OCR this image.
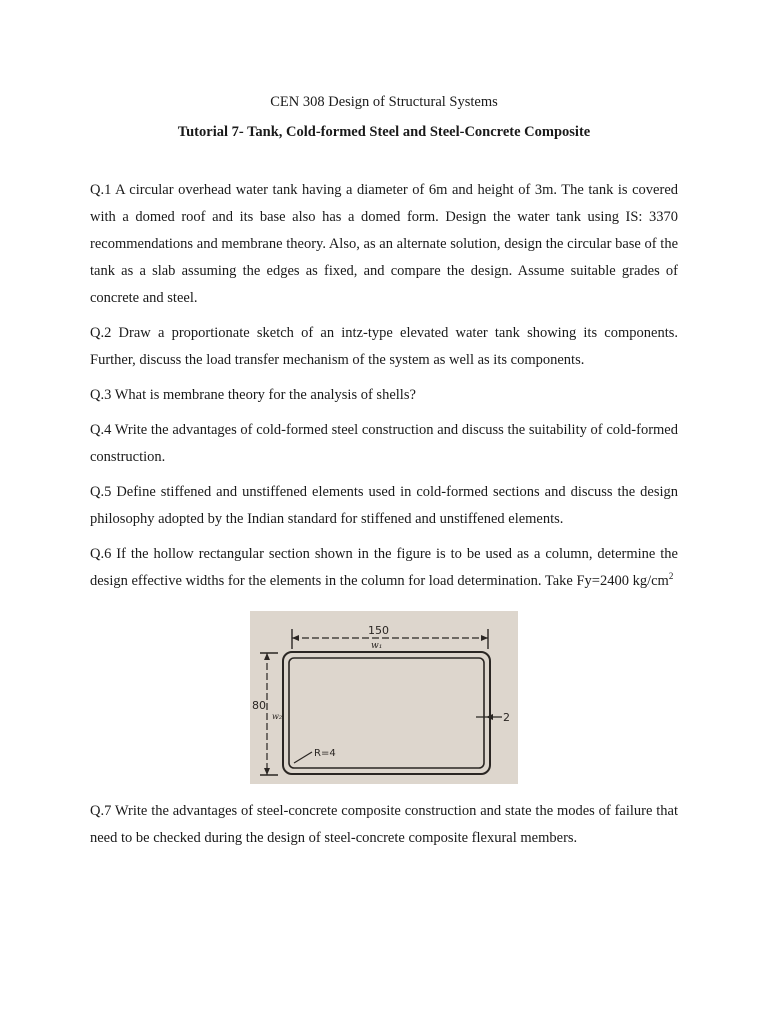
CEN 308 Design of Structural Systems
Tutorial 7- Tank, Cold-formed Steel and Steel-Concrete Composite

Q.1 A circular overhead water tank having a diameter of 6m and height of 3m. The tank is covered with a domed roof and its base also has a domed form. Design the water tank using IS: 3370 recommendations and membrane theory. Also, as an alternate solution, design the circular base of the tank as a slab assuming the edges as fixed, and compare the design. Assume suitable grades of concrete and steel.

Q.2 Draw a proportionate sketch of an intz-type elevated water tank showing its components. Further, discuss the load transfer mechanism of the system as well as its components.

Q.3 What is membrane theory for the analysis of shells?

Q.4 Write the advantages of cold-formed steel construction and discuss the suitability of cold-formed construction.

Q.5 Define stiffened and unstiffened elements used in cold-formed sections and discuss the design philosophy adopted by the Indian standard for stiffened and unstiffened elements.

Q.6 If the hollow rectangular section shown in the figure is to be used as a column, determine the design effective widths for the elements in the column for load determination. Take Fy=2400 $kg/cm^2$

150
w₁
80
w₂	2
R=4

Q.7 Write the advantages of steel-concrete composite construction and state the modes of failure that need to be checked during the design of steel-concrete composite flexural members.
